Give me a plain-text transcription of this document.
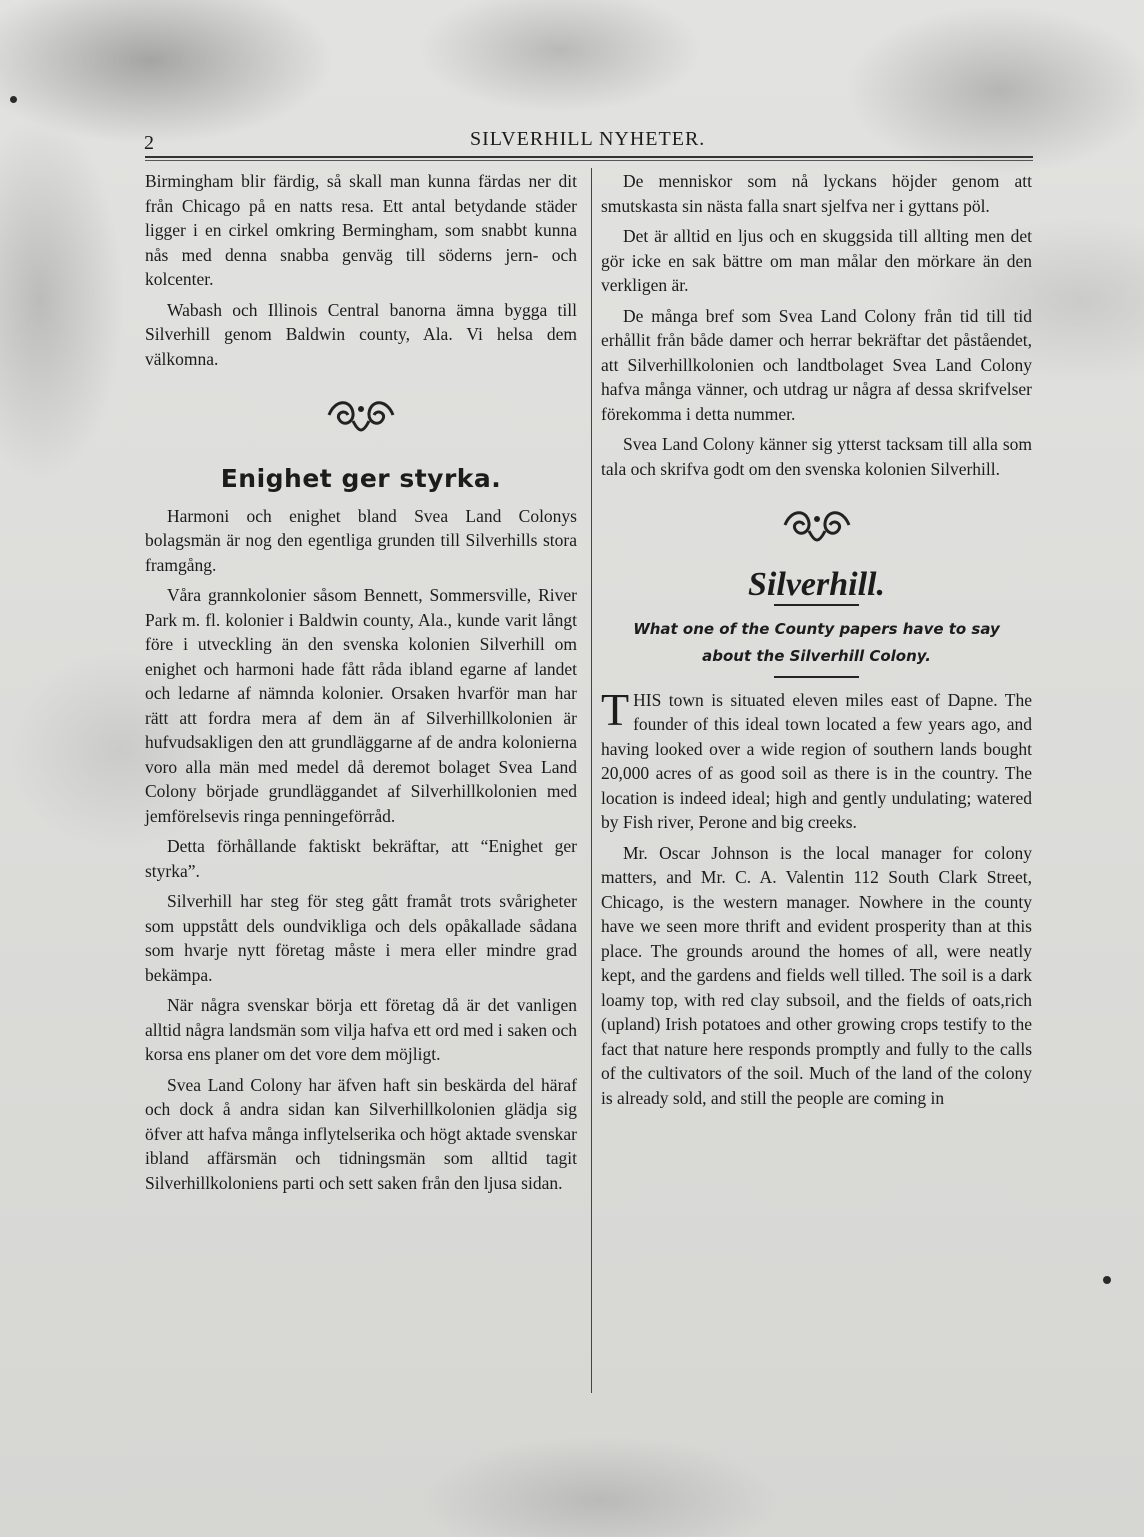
2	SILVERHILL NYHETER.

Birmingham blir färdig, så skall man kunna färdas ner dit från Chicago på en natts resa. Ett antal betydande städer ligger i en cirkel omkring Bermingham, som snabbt kunna nås med denna snabba genväg till söderns jern- och kolcenter.

Wabash och Illinois Central banorna ämna bygga till Silverhill genom Baldwin county, Ala. Vi helsa dem välkomna.

Enighet ger styrka.

Harmoni och enighet bland Svea Land Colonys bolagsmän är nog den egentliga grunden till Silverhills stora framgång.

Våra grannkolonier såsom Bennett, Sommersville, River Park m. fl. kolonier i Baldwin county, Ala., kunde varit långt före i utveckling än den svenska kolonien Silverhill om enighet och harmoni hade fått råda ibland egarne af landet och ledarne af nämnda kolonier. Orsaken hvarför man har rätt att fordra mera af dem än af Silverhillkolonien är hufvudsakligen den att grundläggarne af de andra kolonierna voro alla män med medel då deremot bolaget Svea Land Colony började grundläggandet af Silverhillkolonien med jemförelsevis ringa penningeförråd.

Detta förhållande faktiskt bekräftar, att “Enighet ger styrka”.

Silverhill har steg för steg gått framåt trots svårigheter som uppstått dels oundvikliga och dels opåkallade sådana som hvarje nytt företag måste i mera eller mindre grad bekämpa.

När några svenskar börja ett företag då är det vanligen alltid några landsmän som vilja hafva ett ord med i saken och korsa ens planer om det vore dem möjligt.

Svea Land Colony har äfven haft sin beskärda del häraf och dock å andra sidan kan Silverhillkolonien glädja sig öfver att hafva många inflytelserika och högt aktade svenskar ibland affärsmän och tidningsmän som alltid tagit Silverhillkoloniens parti och sett saken från den ljusa sidan.

De menniskor som nå lyckans höjder genom att smutskasta sin nästa falla snart sjelfva ner i gyttans pöl.

Det är alltid en ljus och en skuggsida till allting men det gör icke en sak bättre om man målar den mörkare än den verkligen är.

De många bref som Svea Land Colony från tid till tid erhållit från både damer och herrar bekräftar det påståendet, att Silverhillkolonien och landtbolaget Svea Land Colony hafva många vänner, och utdrag ur några af dessa skrifvelser förekomma i detta nummer.

Svea Land Colony känner sig ytterst tacksam till alla som tala och skrifva godt om den svenska kolonien Silverhill.

Silverhill.
What one of the County papers have to say about the Silverhill Colony.

THIS town is situated eleven miles east of Dapne. The founder of this ideal town located a few years ago, and having looked over a wide region of southern lands bought 20,000 acres of as good soil as there is in the country. The location is indeed ideal; high and gently undulating; watered by Fish river, Perone and big creeks.

Mr. Oscar Johnson is the local manager for colony matters, and Mr. C. A. Valentin 112 South Clark Street, Chicago, is the western manager. Nowhere in the county have we seen more thrift and evident prosperity than at this place. The grounds around the homes of all, were neatly kept, and the gardens and fields well tilled. The soil is a dark loamy top, with red clay subsoil, and the fields of oats,rich (upland) Irish potatoes and other growing crops testify to the fact that nature here responds promptly and fully to the calls of the cultivators of the soil. Much of the land of the colony is already sold, and still the people are coming in
